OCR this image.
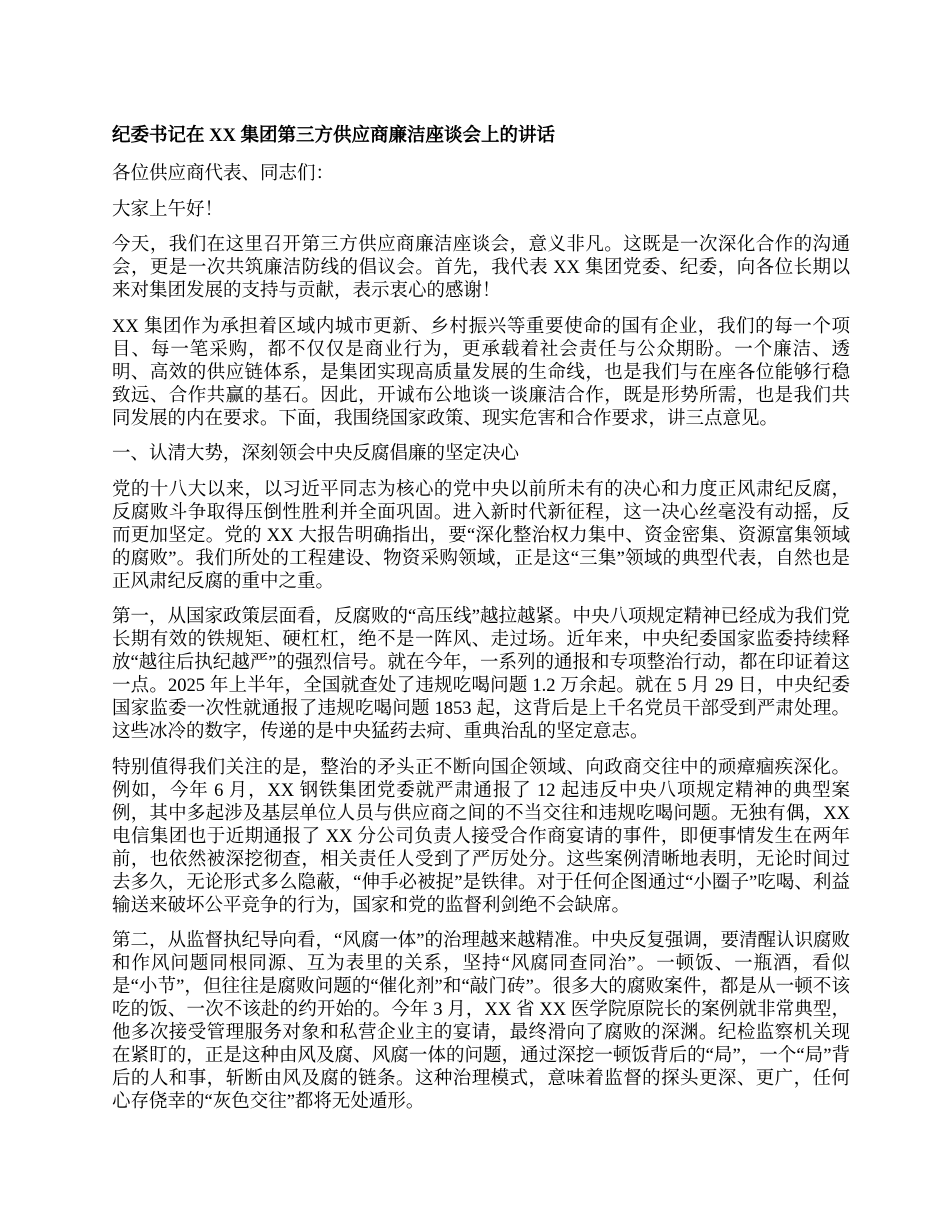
纪委书记在 XX 集团第三方供应商廉洁座谈会上的讲话

各位供应商代表、同志们：

大家上午好！

今天，我们在这里召开第三方供应商廉洁座谈会，意义非凡。这既是一次深化合作的沟通会，更是一次共筑廉洁防线的倡议会。首先，我代表 XX 集团党委、纪委，向各位长期以来对集团发展的支持与贡献，表示衷心的感谢！

XX 集团作为承担着区域内城市更新、乡村振兴等重要使命的国有企业，我们的每一个项目、每一笔采购，都不仅仅是商业行为，更承载着社会责任与公众期盼。一个廉洁、透明、高效的供应链体系，是集团实现高质量发展的生命线，也是我们与在座各位能够行稳致远、合作共赢的基石。因此，开诚布公地谈一谈廉洁合作，既是形势所需，也是我们共同发展的内在要求。下面，我围绕国家政策、现实危害和合作要求，讲三点意见。

一、认清大势，深刻领会中央反腐倡廉的坚定决心

党的十八大以来，以习近平同志为核心的党中央以前所未有的决心和力度正风肃纪反腐，反腐败斗争取得压倒性胜利并全面巩固。进入新时代新征程，这一决心丝毫没有动摇，反而更加坚定。党的 XX 大报告明确指出，要“深化整治权力集中、资金密集、资源富集领域的腐败”。我们所处的工程建设、物资采购领域，正是这“三集”领域的典型代表，自然也是正风肃纪反腐的重中之重。

第一，从国家政策层面看，反腐败的“高压线”越拉越紧。中央八项规定精神已经成为我们党长期有效的铁规矩、硬杠杠，绝不是一阵风、走过场。近年来，中央纪委国家监委持续释放“越往后执纪越严”的强烈信号。就在今年，一系列的通报和专项整治行动，都在印证着这一点。2025 年上半年，全国就查处了违规吃喝问题 1.2 万余起。就在 5 月 29 日，中央纪委国家监委一次性就通报了违规吃喝问题 1853 起，这背后是上千名党员干部受到严肃处理。这些冰冷的数字，传递的是中央猛药去疴、重典治乱的坚定意志。

特别值得我们关注的是，整治的矛头正不断向国企领域、向政商交往中的顽瘴痼疾深化。例如，今年 6 月，XX 钢铁集团党委就严肃通报了 12 起违反中央八项规定精神的典型案例，其中多起涉及基层单位人员与供应商之间的不当交往和违规吃喝问题。无独有偶，XX 电信集团也于近期通报了 XX 分公司负责人接受合作商宴请的事件，即便事情发生在两年前，也依然被深挖彻查，相关责任人受到了严厉处分。这些案例清晰地表明，无论时间过去多久，无论形式多么隐蔽，“伸手必被捉”是铁律。对于任何企图通过“小圈子”吃喝、利益输送来破坏公平竞争的行为，国家和党的监督利剑绝不会缺席。

第二，从监督执纪导向看，“风腐一体”的治理越来越精准。中央反复强调，要清醒认识腐败和作风问题同根同源、互为表里的关系，坚持“风腐同查同治”。一顿饭、一瓶酒，看似是“小节”，但往往是腐败问题的“催化剂”和“敲门砖”。很多大的腐败案件，都是从一顿不该吃的饭、一次不该赴的约开始的。今年 3 月，XX 省 XX 医学院原院长的案例就非常典型，他多次接受管理服务对象和私营企业主的宴请，最终滑向了腐败的深渊。纪检监察机关现在紧盯的，正是这种由风及腐、风腐一体的问题，通过深挖一顿饭背后的“局”，一个“局”背后的人和事，斩断由风及腐的链条。这种治理模式，意味着监督的探头更深、更广，任何心存侥幸的“灰色交往”都将无处遁形。
